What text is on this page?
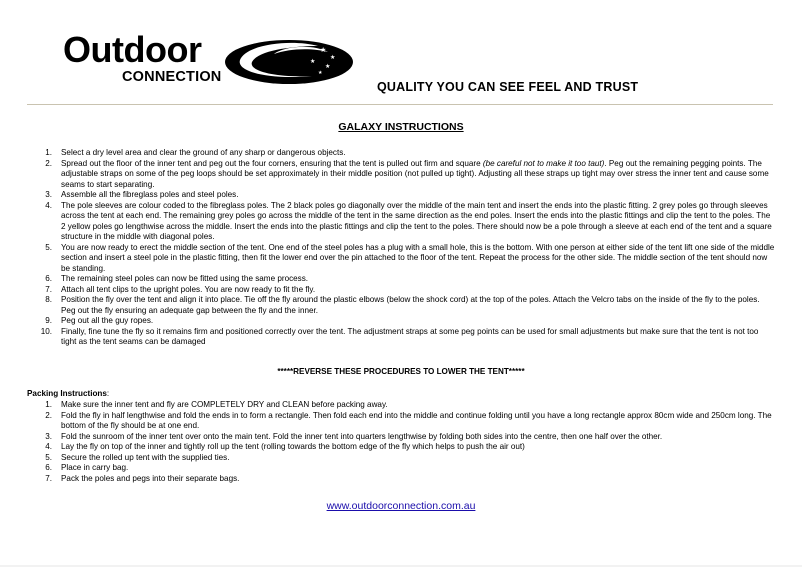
Outdoor
CONNECTION
★
★
★
★
★
QUALITY YOU CAN SEE FEEL AND TRUST
GALAXY INSTRUCTIONS
1. Select a dry level area and clear the ground of any sharp or dangerous objects.
2. Spread out the floor of the inner tent and peg out the four corners, ensuring that the tent is pulled out firm and square (be careful not to make it too taut). Peg out the remaining pegging points. The adjustable straps on some of the peg loops should be set approximately in their middle position (not pulled up tight). Adjusting all these straps up tight may over stress the inner tent and cause some seams to start separating.
3. Assemble all the fibreglass poles and steel poles.
4. The pole sleeves are colour coded to the fibreglass poles. The 2 black poles go diagonally over the middle of the main tent and insert the ends into the plastic fitting. 2 grey poles go through sleeves across the tent at each end. The remaining grey poles go across the middle of the tent in the same direction as the end poles. Insert the ends into the plastic fittings and clip the tent to the poles. The 2 yellow poles go lengthwise across the middle. Insert the ends into the plastic fittings and clip the tent to the poles. There should now be a pole through a sleeve at each end of the tent and a square structure in the middle with diagonal poles.
5. You are now ready to erect the middle section of the tent. One end of the steel poles has a plug with a small hole, this is the bottom. With one person at either side of the tent lift one side of the middle section and insert a steel pole in the plastic fitting, then fit the lower end over the pin attached to the floor of the tent. Repeat the process for the other side. The middle section of the tent should now be standing.
6. The remaining steel poles can now be fitted using the same process.
7. Attach all tent clips to the upright poles. You are now ready to fit the fly.
8. Position the fly over the tent and align it into place. Tie off the fly around the plastic elbows (below the shock cord) at the top of the poles. Attach the Velcro tabs on the inside of the fly to the poles. Peg out the fly ensuring an adequate gap between the fly and the inner.
9. Peg out all the guy ropes.
10. Finally, fine tune the fly so it remains firm and positioned correctly over the tent. The adjustment straps at some peg points can be used for small adjustments but make sure that the tent is not too tight as the tent seams can be damaged
*****REVERSE THESE PROCEDURES TO LOWER THE TENT*****
Packing Instructions:
1. Make sure the inner tent and fly are COMPLETELY DRY and CLEAN before packing away.
2. Fold the fly in half lengthwise and fold the ends in to form a rectangle. Then fold each end into the middle and continue folding until you have a long rectangle approx 80cm wide and 250cm long. The bottom of the fly should be at one end.
3. Fold the sunroom of the inner tent over onto the main tent. Fold the inner tent into quarters lengthwise by folding both sides into the centre, then one half over the other.
4. Lay the fly on top of the inner and tightly roll up the tent (rolling towards the bottom edge of the fly which helps to push the air out)
5. Secure the rolled up tent with the supplied ties.
6. Place in carry bag.
7. Pack the poles and pegs into their separate bags.
www.outdoorconnection.com.au
